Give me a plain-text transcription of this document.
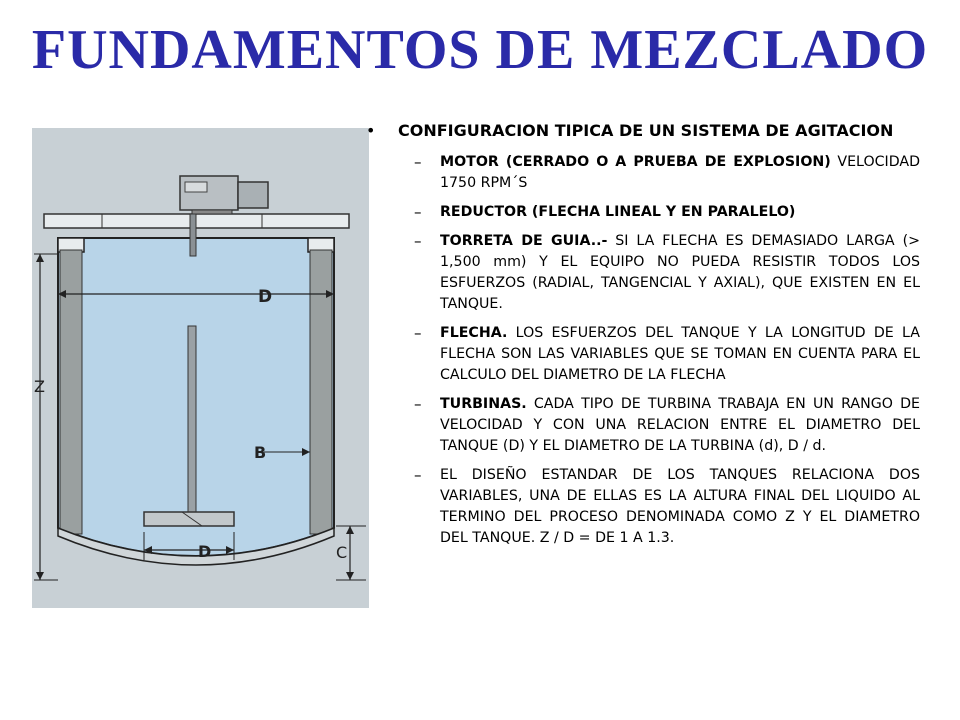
FUNDAMENTOS DE MEZCLADO
D
D
Z
B
C
• CONFIGURACION TIPICA DE UN SISTEMA DE AGITACION
– MOTOR (CERRADO O A PRUEBA DE EXPLOSION) VELOCIDAD 1750 RPM´S
– REDUCTOR (FLECHA LINEAL Y EN PARALELO)
– TORRETA DE GUIA..- SI LA FLECHA ES DEMASIADO LARGA (> 1,500 mm) Y EL EQUIPO NO PUEDA RESISTIR TODOS LOS ESFUERZOS (RADIAL, TANGENCIAL Y AXIAL), QUE EXISTEN EN EL TANQUE.
– FLECHA. LOS ESFUERZOS DEL TANQUE Y LA LONGITUD DE LA FLECHA SON LAS VARIABLES QUE SE TOMAN EN CUENTA PARA EL CALCULO DEL DIAMETRO DE LA FLECHA
– TURBINAS. CADA TIPO DE TURBINA TRABAJA EN UN RANGO DE VELOCIDAD Y CON UNA RELACION ENTRE EL DIAMETRO DEL TANQUE (D) Y EL DIAMETRO DE LA TURBINA (d), D / d.
– EL DISEÑO ESTANDAR DE LOS TANQUES RELACIONA DOS VARIABLES, UNA DE ELLAS ES LA ALTURA FINAL DEL LIQUIDO AL TERMINO DEL PROCESO DENOMINADA COMO Z Y EL DIAMETRO DEL TANQUE. Z / D = DE 1 A 1.3.
